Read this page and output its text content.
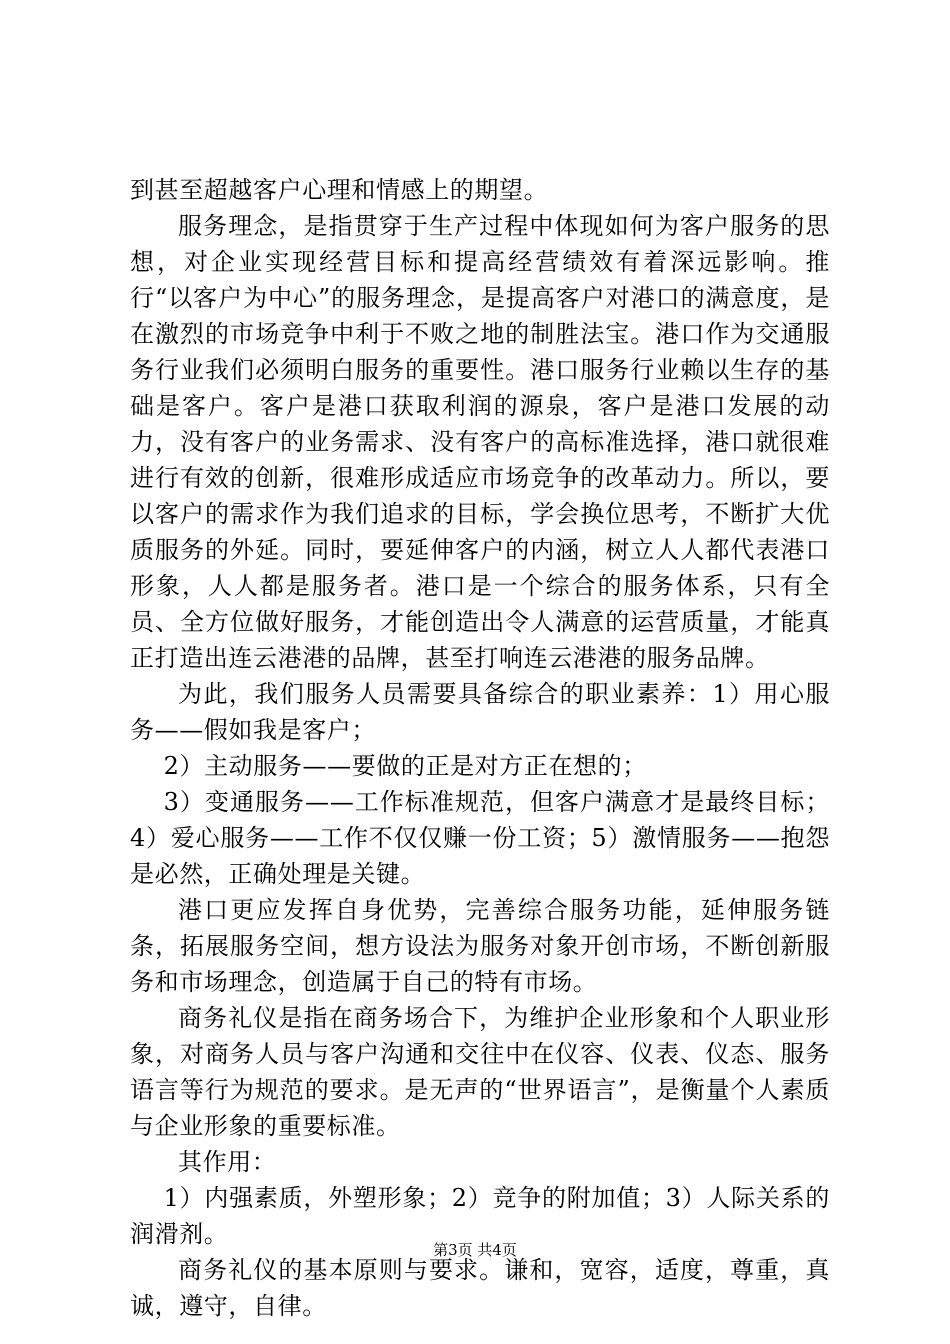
到甚至超越客户心理和情感上的期望。

服务理念，是指贯穿于生产过程中体现如何为客户服务的思想，对企业实现经营目标和提高经营绩效有着深远影响。推行“以客户为中心”的服务理念，是提高客户对港口的满意度，是在激烈的市场竞争中利于不败之地的制胜法宝。港口作为交通服务行业我们必须明白服务的重要性。港口服务行业赖以生存的基础是客户。客户是港口获取利润的源泉，客户是港口发展的动力，没有客户的业务需求、没有客户的高标准选择，港口就很难进行有效的创新，很难形成适应市场竞争的改革动力。所以，要以客户的需求作为我们追求的目标，学会换位思考，不断扩大优质服务的外延。同时，要延伸客户的内涵，树立人人都代表港口形象，人人都是服务者。港口是一个综合的服务体系，只有全员、全方位做好服务，才能创造出令人满意的运营质量，才能真正打造出连云港港的品牌，甚至打响连云港港的服务品牌。

为此，我们服务人员需要具备综合的职业素养：1）用心服务——假如我是客户；

2）主动服务——要做的正是对方正在想的；

3）变通服务——工作标准规范，但客户满意才是最终目标；4）爱心服务——工作不仅仅赚一份工资；5）激情服务——抱怨是必然，正确处理是关键。

港口更应发挥自身优势，完善综合服务功能，延伸服务链条，拓展服务空间，想方设法为服务对象开创市场，不断创新服务和市场理念，创造属于自己的特有市场。

商务礼仪是指在商务场合下，为维护企业形象和个人职业形象，对商务人员与客户沟通和交往中在仪容、仪表、仪态、服务语言等行为规范的要求。是无声的“世界语言”，是衡量个人素质与企业形象的重要标准。

其作用：

1）内强素质，外塑形象；2）竞争的附加值；3）人际关系的润滑剂。

商务礼仪的基本原则与要求。谦和，宽容，适度，尊重，真诚，遵守，自律。

第3页 共4页
